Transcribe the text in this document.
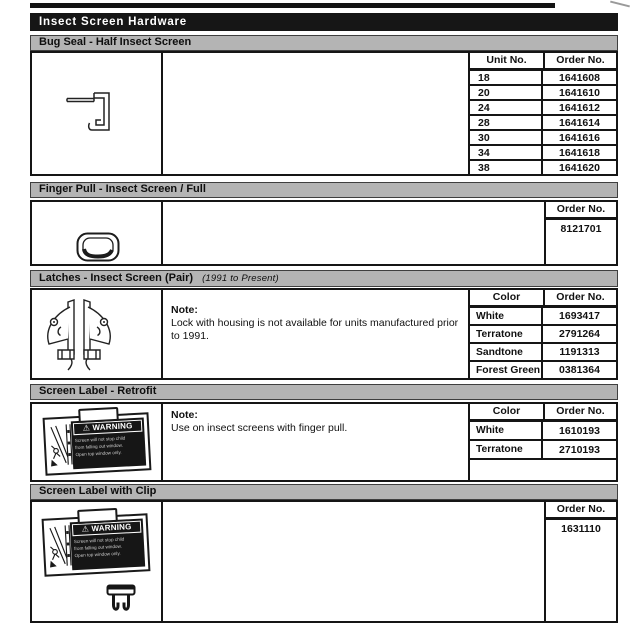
Insect Screen Hardware
Bug Seal - Half Insect Screen
Unit No.	Order No.
18	1641608
20	1641610
24	1641612
28	1641614
30	1641616
34	1641618
38	1641620
Finger Pull - Insect Screen / Full
Order No.
8121701
Latches - Insect Screen (Pair) (1991 to Present)
Note:
Lock with housing is not available for units manufactured prior to 1991.
Color	Order No.
White	1693417
Terratone	2791264
Sandtone	1191313
Forest Green	0381364
Screen Label - Retrofit
⚠ WARNING
Screen will not stop child
from falling out window.
Open top window only.
Note:
Use on insect screens with finger pull.
Color	Order No.
White	1610193
Terratone	2710193
Screen Label with Clip
⚠ WARNING
Screen will not stop child
from falling out window.
Open top window only.
Order No.
1631110
